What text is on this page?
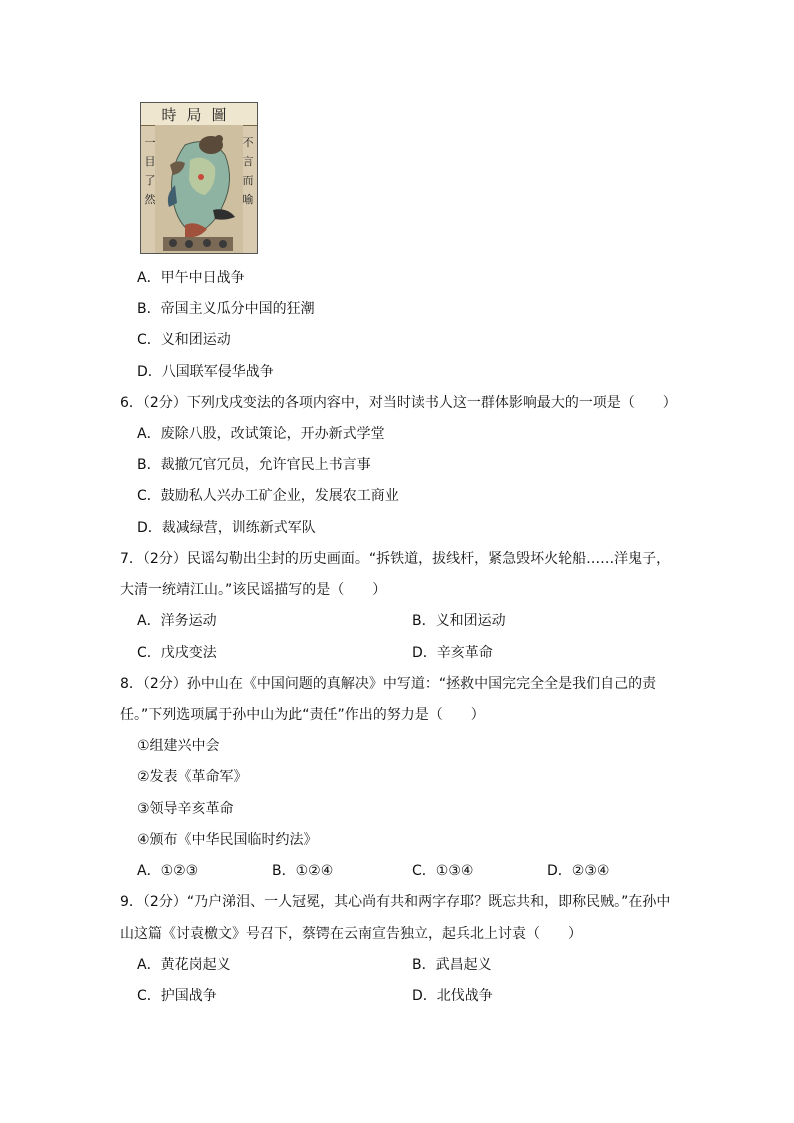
時局圖
一
目
了
然
不
言
而
喻
A．甲午中日战争
B．帝国主义瓜分中国的狂潮
C．义和团运动
D．八国联军侵华战争
6．（2分）下列戊戌变法的各项内容中，对当时读书人这一群体影响最大的一项是（　　）
A．废除八股，改试策论，开办新式学堂
B．裁撤冗官冗员，允许官民上书言事
C．鼓励私人兴办工矿企业，发展农工商业
D．裁减绿营，训练新式军队
7．（2分）民谣勾勒出尘封的历史画面。“拆铁道，拔线杆，紧急毁坏火轮船……洋鬼子，
大清一统靖江山。”该民谣描写的是（　　）
A．洋务运动	B．义和团运动
C．戊戌变法	D．辛亥革命
8．（2分）孙中山在《中国问题的真解决》中写道：“拯救中国完完全全是我们自己的责
任。”下列选项属于孙中山为此“责任”作出的努力是（　　）
①组建兴中会
②发表《革命军》
③领导辛亥革命
④颁布《中华民国临时约法》
A．①②③	B．①②④	C．①③④	D．②③④
9．（2分）“乃户涕泪、一人冠冕，其心尚有共和两字存耶？既忘共和，即称民贼。”在孙中
山这篇《讨袁檄文》号召下，蔡锷在云南宣告独立，起兵北上讨袁（　　）
A．黄花岗起义	B．武昌起义
C．护国战争	D．北伐战争
